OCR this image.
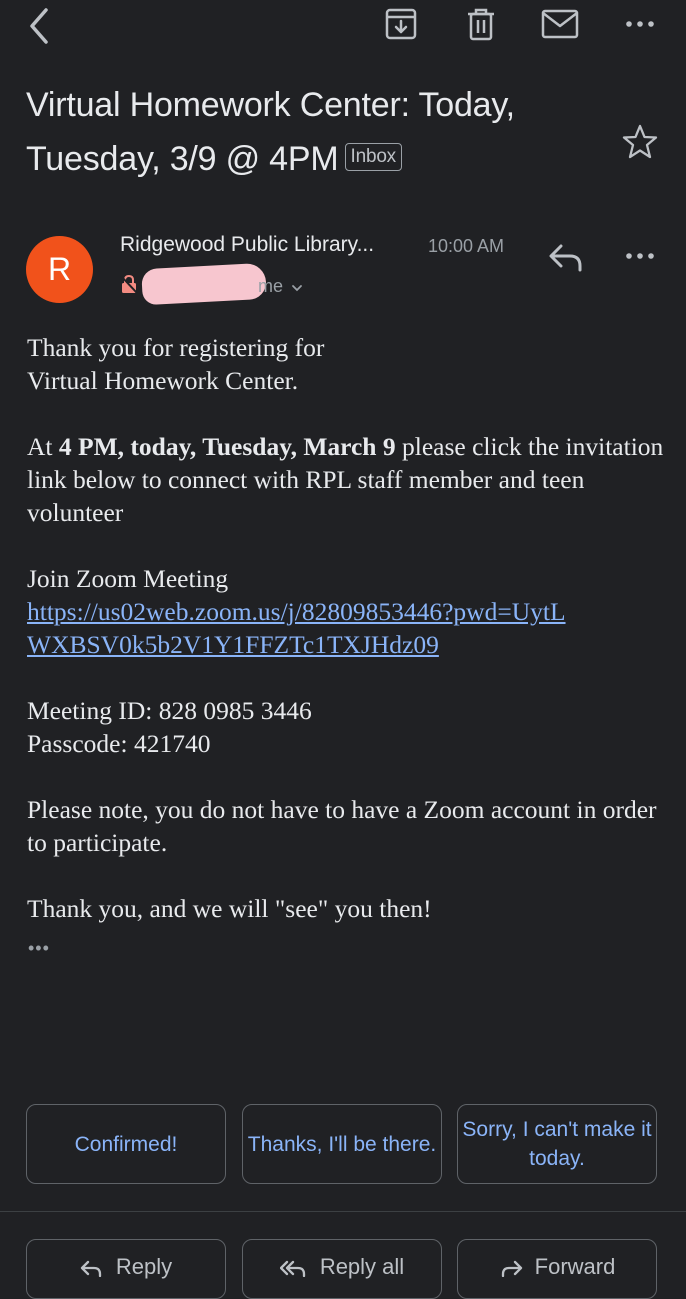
Virtual Homework Center: Today, Tuesday, 3/9 @ 4PM Inbox
R
Ridgewood Public Library...	10:00 AM
me

Thank you for registering for Virtual Homework Center.

At 4 PM, today, Tuesday, March 9 please click the invitation link below to connect with RPL staff member and teen volunteer

Join Zoom Meeting
https://us02web.zoom.us/j/82809853446?pwd=UytLWXBSV0k5b2V1Y1FFZTc1TXJHdz09

Meeting ID: 828 0985 3446
Passcode: 421740

Please note, you do not have to have a Zoom account in order to participate.

Thank you, and we will "see" you then!

•••
Confirmed!	Thanks, I'll be there.
Sorry, I can't make it today.
Reply	Reply all	Forward
